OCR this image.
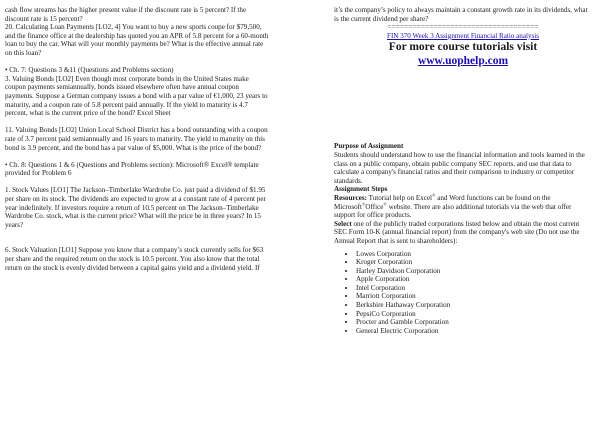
cash flow streams has the higher present value if the discount rate is 5 percent? If the discount rate is 15 percent?

20. Calculating Loan Payments [LO2, 4] You want to buy a new sports coupe for $79,500, and the finance office at the dealership has quoted you an APR of 5.8 percent for a 60-month loan to buy the car. What will your monthly payments be? What is the effective annual rate on this loan?

• Ch. 7: Questions 3 &11 (Questions and Problems section)

3. Valuing Bonds [LO2] Even though most corporate bonds in the United States make coupon payments semiannually, bonds issued elsewhere often have annual coupon payments. Suppose a German company issues a bond with a par value of €1,000, 23 years to maturity, and a coupon rate of 5.8 percent paid annually. If the yield to maturity is 4.7 percent, what is the current price of the bond? Excel Sheet

11. Valuing Bonds [LO2] Union Local School District has a bond outstanding with a coupon rate of 3.7 percent paid semiannually and 16 years to maturity. The yield to maturity on this bond is 3.9 percent, and the bond has a par value of $5,000. What is the price of the bond?

• Ch. 8: Questions 1 & 6 (Questions and Problems section): Microsoft® Excel® template provided for Problem 6

1. Stock Values [LO1] The Jackson–Timberlake Wardrobe Co. just paid a dividend of $1.95 per share on its stock. The dividends are expected to grow at a constant rate of 4 percent per year indefinitely. If investors require a return of 10.5 percent on The Jackson–Timberlake Wardrobe Co. stock, what is the current price? What will the price be in three years? In 15 years?

6. Stock Valuation [LO1] Suppose you know that a company’s stock currently sells for $63 per share and the required return on the stock is 10.5 percent. You also know that the total return on the stock is evenly divided between a capital gains yield and a dividend yield. If

it’s the company’s policy to always maintain a constant growth rate in its dividends, what is the current dividend per share?

====================================

FIN 370 Week 3 Assignment Financial Ratio analysis

For more course tutorials visit

www.uophelp.com

Purpose of Assignment

Students should understand how to use the financial information and tools learned in the class on a public company, obtain public company SEC reports, and use that data to calculate a company's financial ratios and their comparison to industry or competitor standards.

Assignment Steps

Resources: Tutorial help on Excel® and Word functions can be found on the Microsoft®Office® website. There are also additional tutorials via the web that offer support for office products.

Select one of the publicly traded corporations listed below and obtain the most current SEC Form 10-K (annual financial report) from the company's web site (Do not use the Annual Report that is sent to shareholders):

• Lowes Corporation
• Kroger Corporation
• Harley Davidson Corporation
• Apple Corporation
• Intel Corporation
• Marriott Corporation
• Berkshire Hathaway Corporation
• PepsiCo Corporation
• Procter and Gamble Corporation
• General Electric Corporation
